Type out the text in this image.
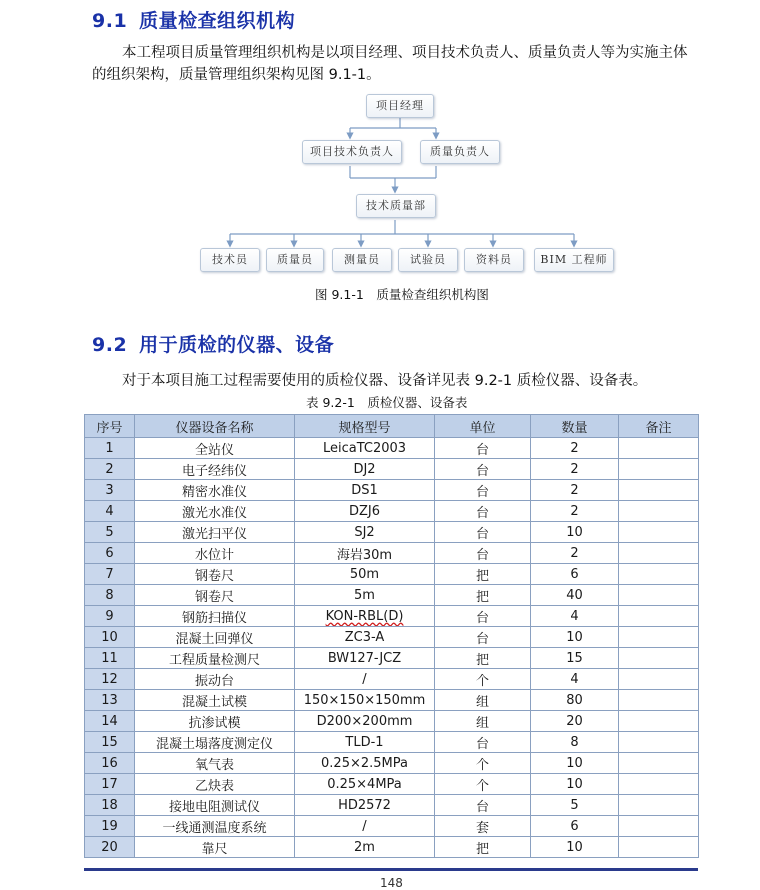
9.1 质量检查组织机构
本工程项目质量管理组织机构是以项目经理、项目技术负责人、质量负责人等为实施主体的组织架构，质量管理组织架构见图 9.1-1。
项目经理
项目技术负责人	质量负责人
技术质量部
技术员	质量员	测量员	试验员	资料员	BIM 工程师
图 9.1-1　质量检查组织机构图
9.2 用于质检的仪器、设备
对于本项目施工过程需要使用的质检仪器、设备详见表 9.2-1 质检仪器、设备表。
表 9.2-1　质检仪器、设备表
序号	仪器设备名称	规格型号	单位	数量	备注
1	全站仪	LeicaTC2003	台	2	
2	电子经纬仪	DJ2	台	2	
3	精密水准仪	DS1	台	2	
4	激光水准仪	DZJ6	台	2	
5	激光扫平仪	SJ2	台	10	
6	水位计	海岩30m	台	2	
7	钢卷尺	50m	把	6	
8	钢卷尺	5m	把	40	
9	钢筋扫描仪	KON-RBL(D)	台	4	
10	混凝土回弹仪	ZC3-A	台	10	
11	工程质量检测尺	BW127-JCZ	把	15	
12	振动台	/	个	4	
13	混凝土试模	150×150×150mm	组	80	
14	抗渗试模	D200×200mm	组	20	
15	混凝土塌落度测定仪	TLD-1	台	8	
16	氧气表	0.25×2.5MPa	个	10	
17	乙炔表	0.25×4MPa	个	10	
18	接地电阻测试仪	HD2572	台	5	
19	一线通测温度系统	/	套	6	
20	靠尺	2m	把	10	
148
